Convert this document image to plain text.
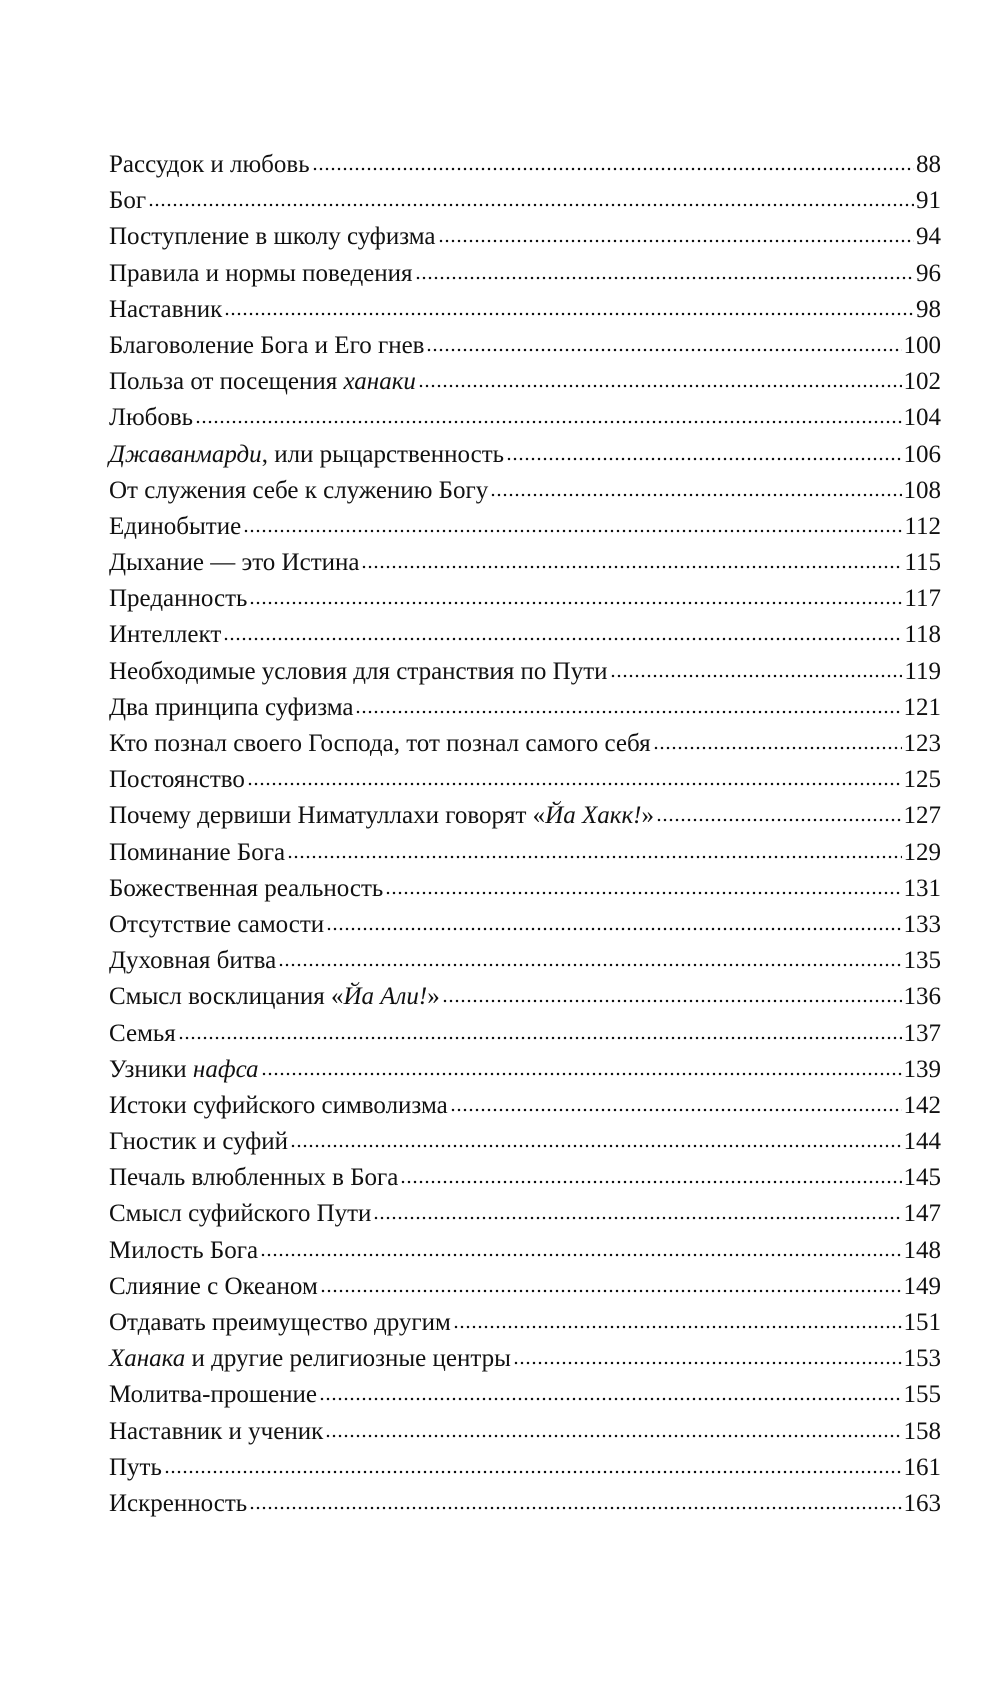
Рассудок и любовь	88
Бог	91
Поступление в школу суфизма	94
Правила и нормы поведения	96
Наставник	98
Благоволение Бога и Его гнев	100
Польза от посещения ханаки	102
Любовь	104
Джаванмарди, или рыцарственность	106
От служения себе к служению Богу	108
Единобытие	112
Дыхание — это Истина	115
Преданность	117
Интеллект	118
Необходимые условия для странствия по Пути	119
Два принципа суфизма	121
Кто познал своего Господа, тот познал самого себя	123
Постоянство	125
Почему дервиши Ниматуллахи говорят «Йа Хакк!»	127
Поминание Бога	129
Божественная реальность	131
Отсутствие самости	133
Духовная битва	135
Смысл восклицания «Йа Али!»	136
Семья	137
Узники нафса	139
Истоки суфийского символизма	142
Гностик и суфий	144
Печаль влюбленных в Бога	145
Смысл суфийского Пути	147
Милость Бога	148
Слияние с Океаном	149
Отдавать преимущество другим	151
Ханака и другие религиозные центры	153
Молитва-прошение	155
Наставник и ученик	158
Путь	161
Искренность	163
